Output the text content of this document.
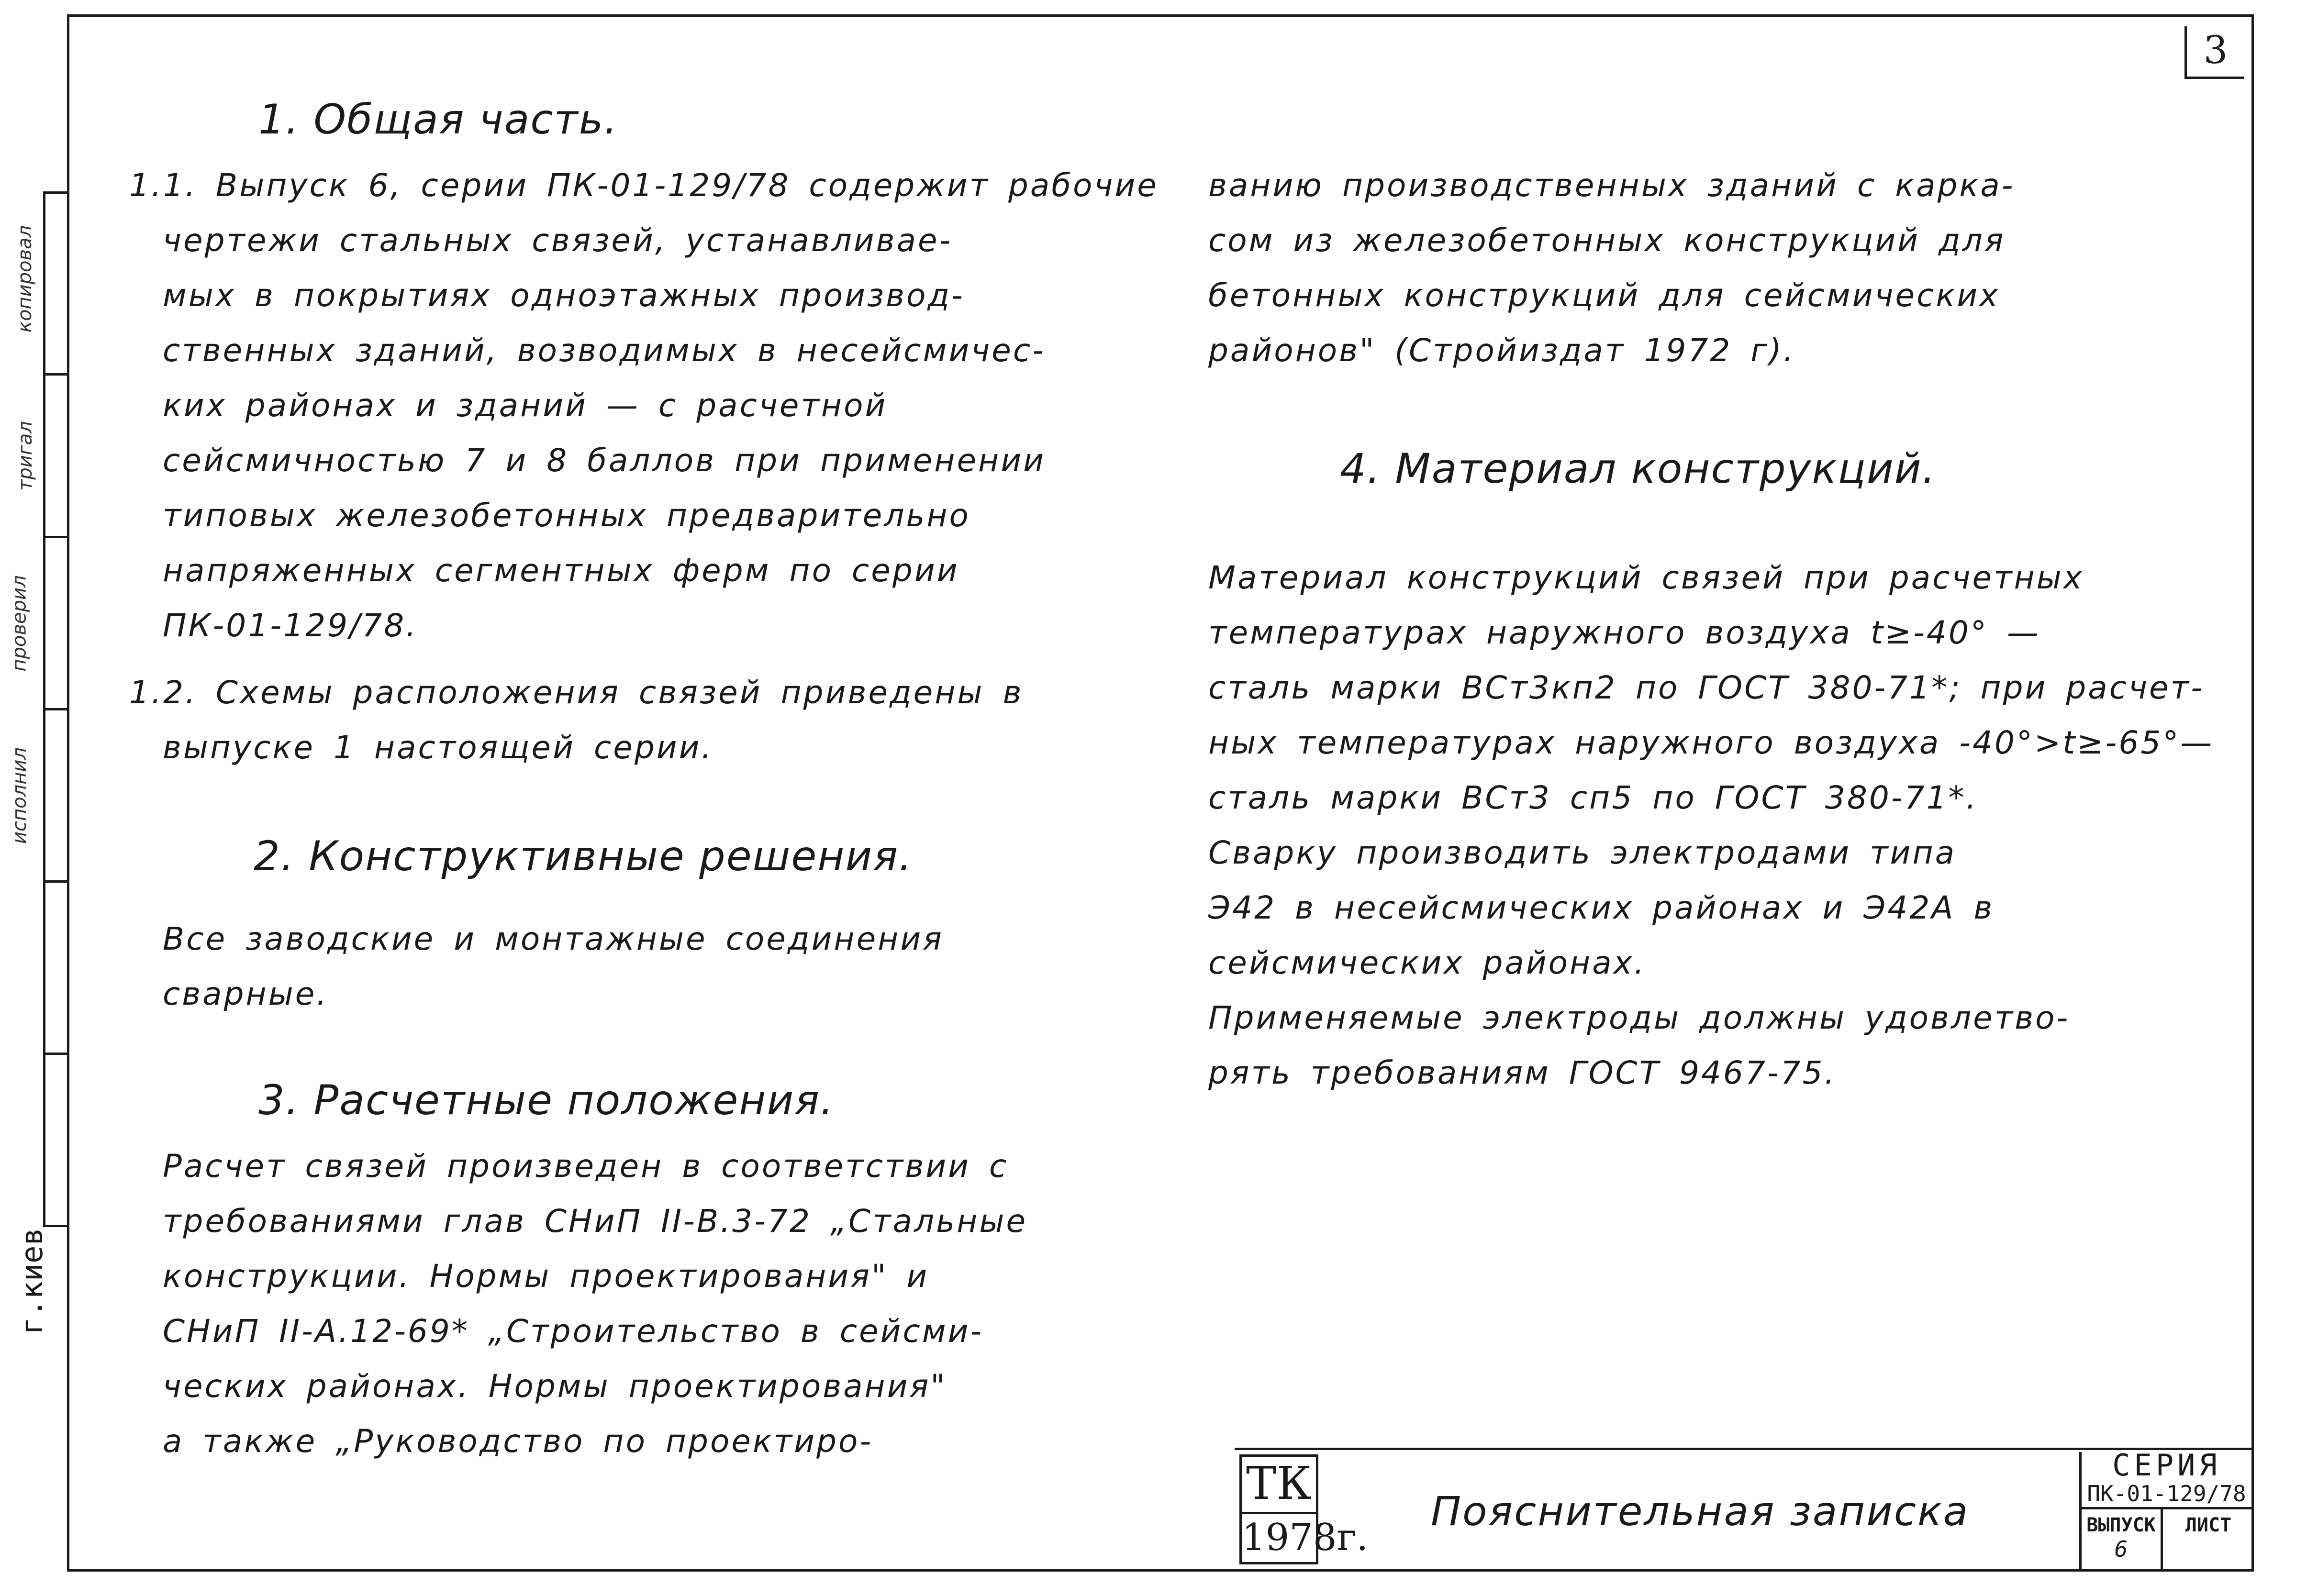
копировал
тригал
проверил
исполнил
г.киев
3
1. Общая часть.
1.1. Выпуск 6, серии ПК-01-129/78 содержит рабочие
чертежи стальных связей, устанавливае-
мых в покрытиях одноэтажных производ-
ственных зданий, возводимых в несейсмичес-
ких районах и зданий — с расчетной
сейсмичностью 7 и 8 баллов при применении
типовых железобетонных предварительно
напряженных сегментных ферм по серии
ПК-01-129/78.
1.2. Схемы расположения связей приведены в
выпуске 1 настоящей серии.
2. Конструктивные решения.
Все заводские и монтажные соединения
сварные.
3. Расчетные положения.
Расчет связей произведен в соответствии с
требованиями глав СНиП II-В.3-72 „Стальные
конструкции. Нормы проектирования" и
СНиП II-А.12-69* „Строительство в сейсми-
ческих районах. Нормы проектирования"
а также „Руководство по проектиро-
ванию производственных зданий с карка-
сом из железобетонных конструкций для
бетонных конструкций для сейсмических
районов" (Стройиздат 1972 г).
4. Материал конструкций.
Материал конструкций связей при расчетных
температурах наружного воздуха t≥-40° —
сталь марки ВСт3кп2 по ГОСТ 380-71*; при расчет-
ных температурах наружного воздуха -40°>t≥-65°—
сталь марки ВСт3 сп5 по ГОСТ 380-71*.
Сварку производить электродами типа
Э42 в несейсмических районах и Э42А в
сейсмических районах.
Применяемые электроды должны удовлетво-
рять требованиям ГОСТ 9467-75.
ТК
1978г.
Пояснительная записка
СЕРИЯ
ПК-01-129/78
ВЫПУСК
6
ЛИСТ
